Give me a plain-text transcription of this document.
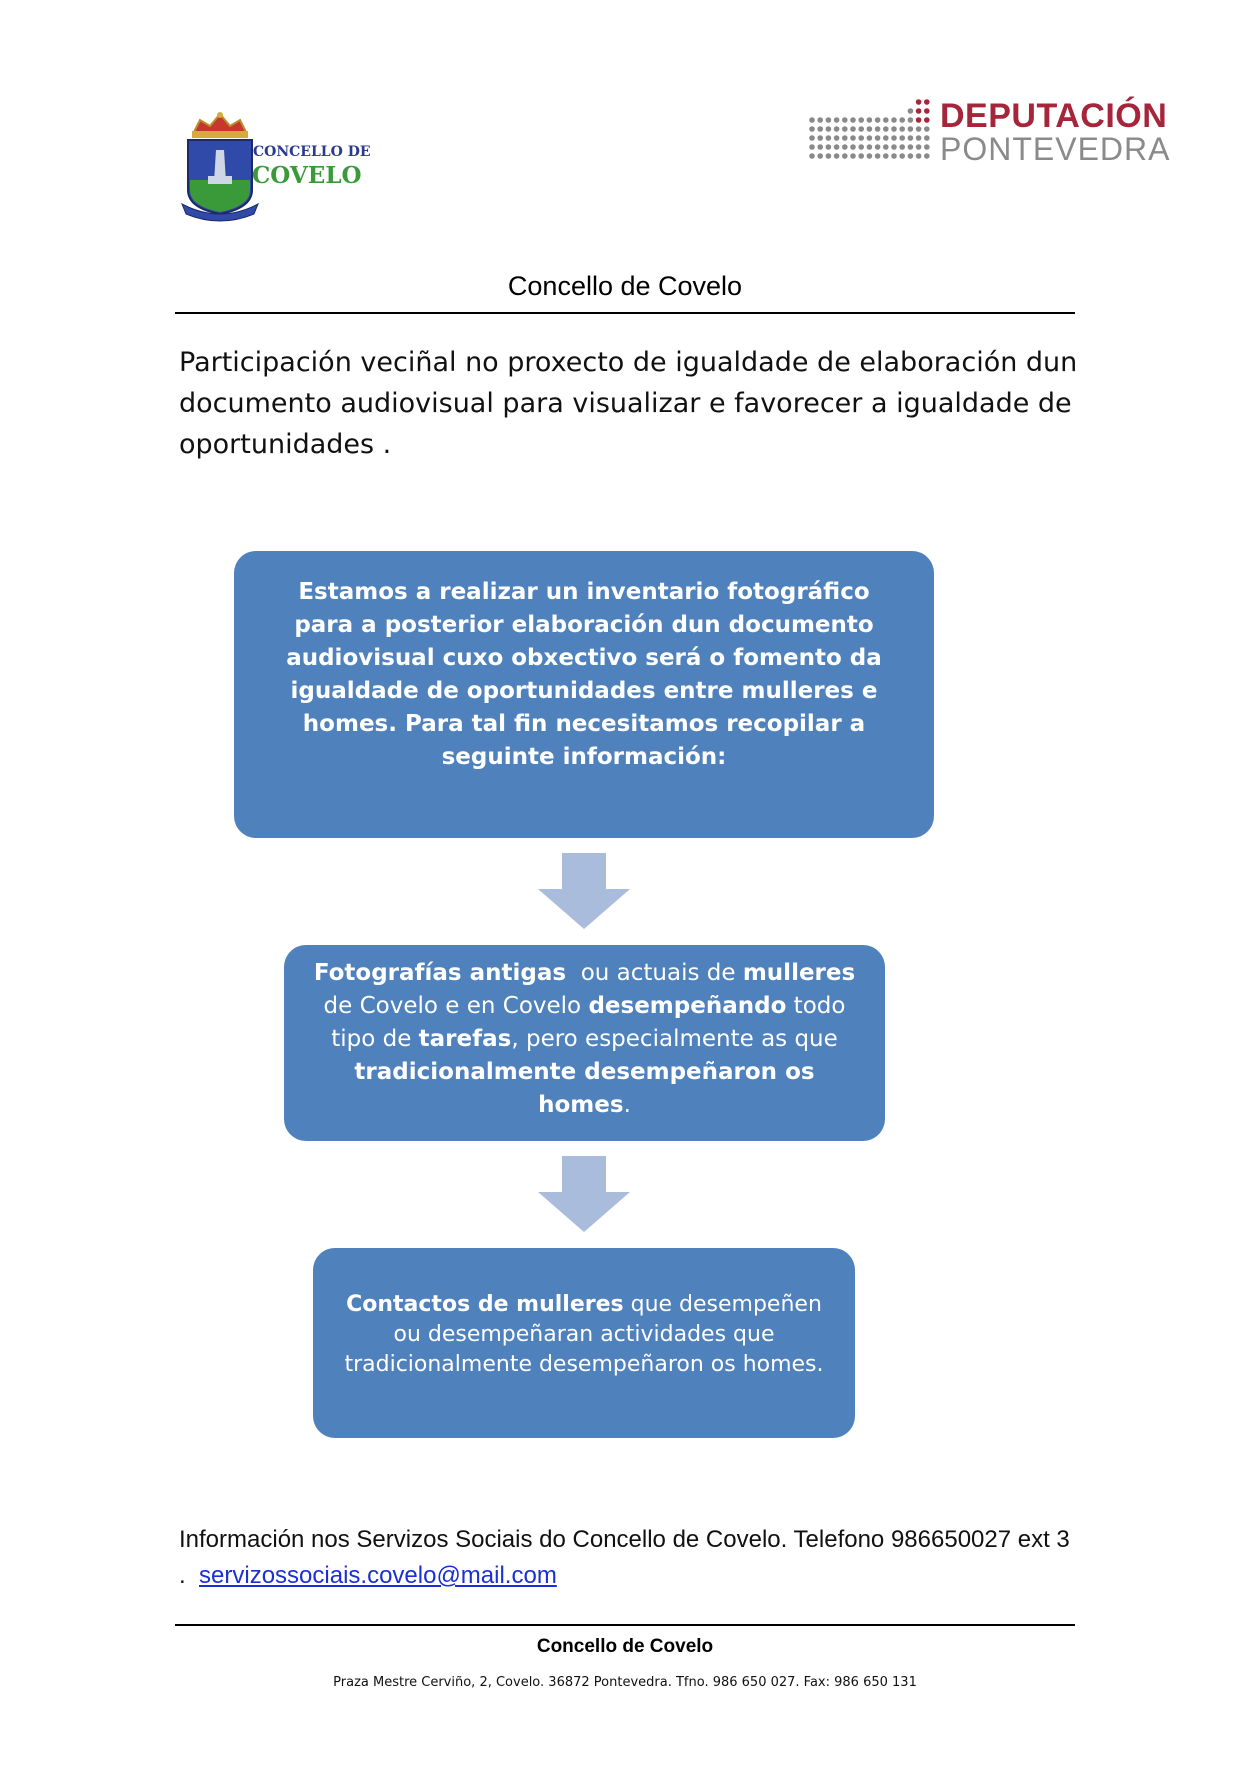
CONCELLO DE
COVELO
DEPUTACIÓN
PONTEVEDRA
Concello de Covelo
Participación veciñal no proxecto de igualdade de elaboración dun documento audiovisual para visualizar e favorecer a igualdade de oportunidades .
Estamos a realizar un inventario fotográfico para a posterior elaboración dun documento audiovisual cuxo obxectivo será o fomento da igualdade de oportunidades entre mulleres e homes. Para tal fin necesitamos recopilar a seguinte información:
Fotografías antigas  ou actuais de mulleres de Covelo e en Covelo desempeñando todo tipo de tarefas, pero especialmente as que tradicionalmente desempeñaron os homes.
Contactos de mulleres que desempeñen ou desempeñaran actividades que tradicionalmente desempeñaron os homes.
Información nos Servizos Sociais do Concello de Covelo. Telefono 986650027 ext 3 .  servizossociais.covelo@mail.com
Concello de Covelo
Praza Mestre Cerviño, 2, Covelo. 36872 Pontevedra. Tfno. 986 650 027. Fax: 986 650 131
